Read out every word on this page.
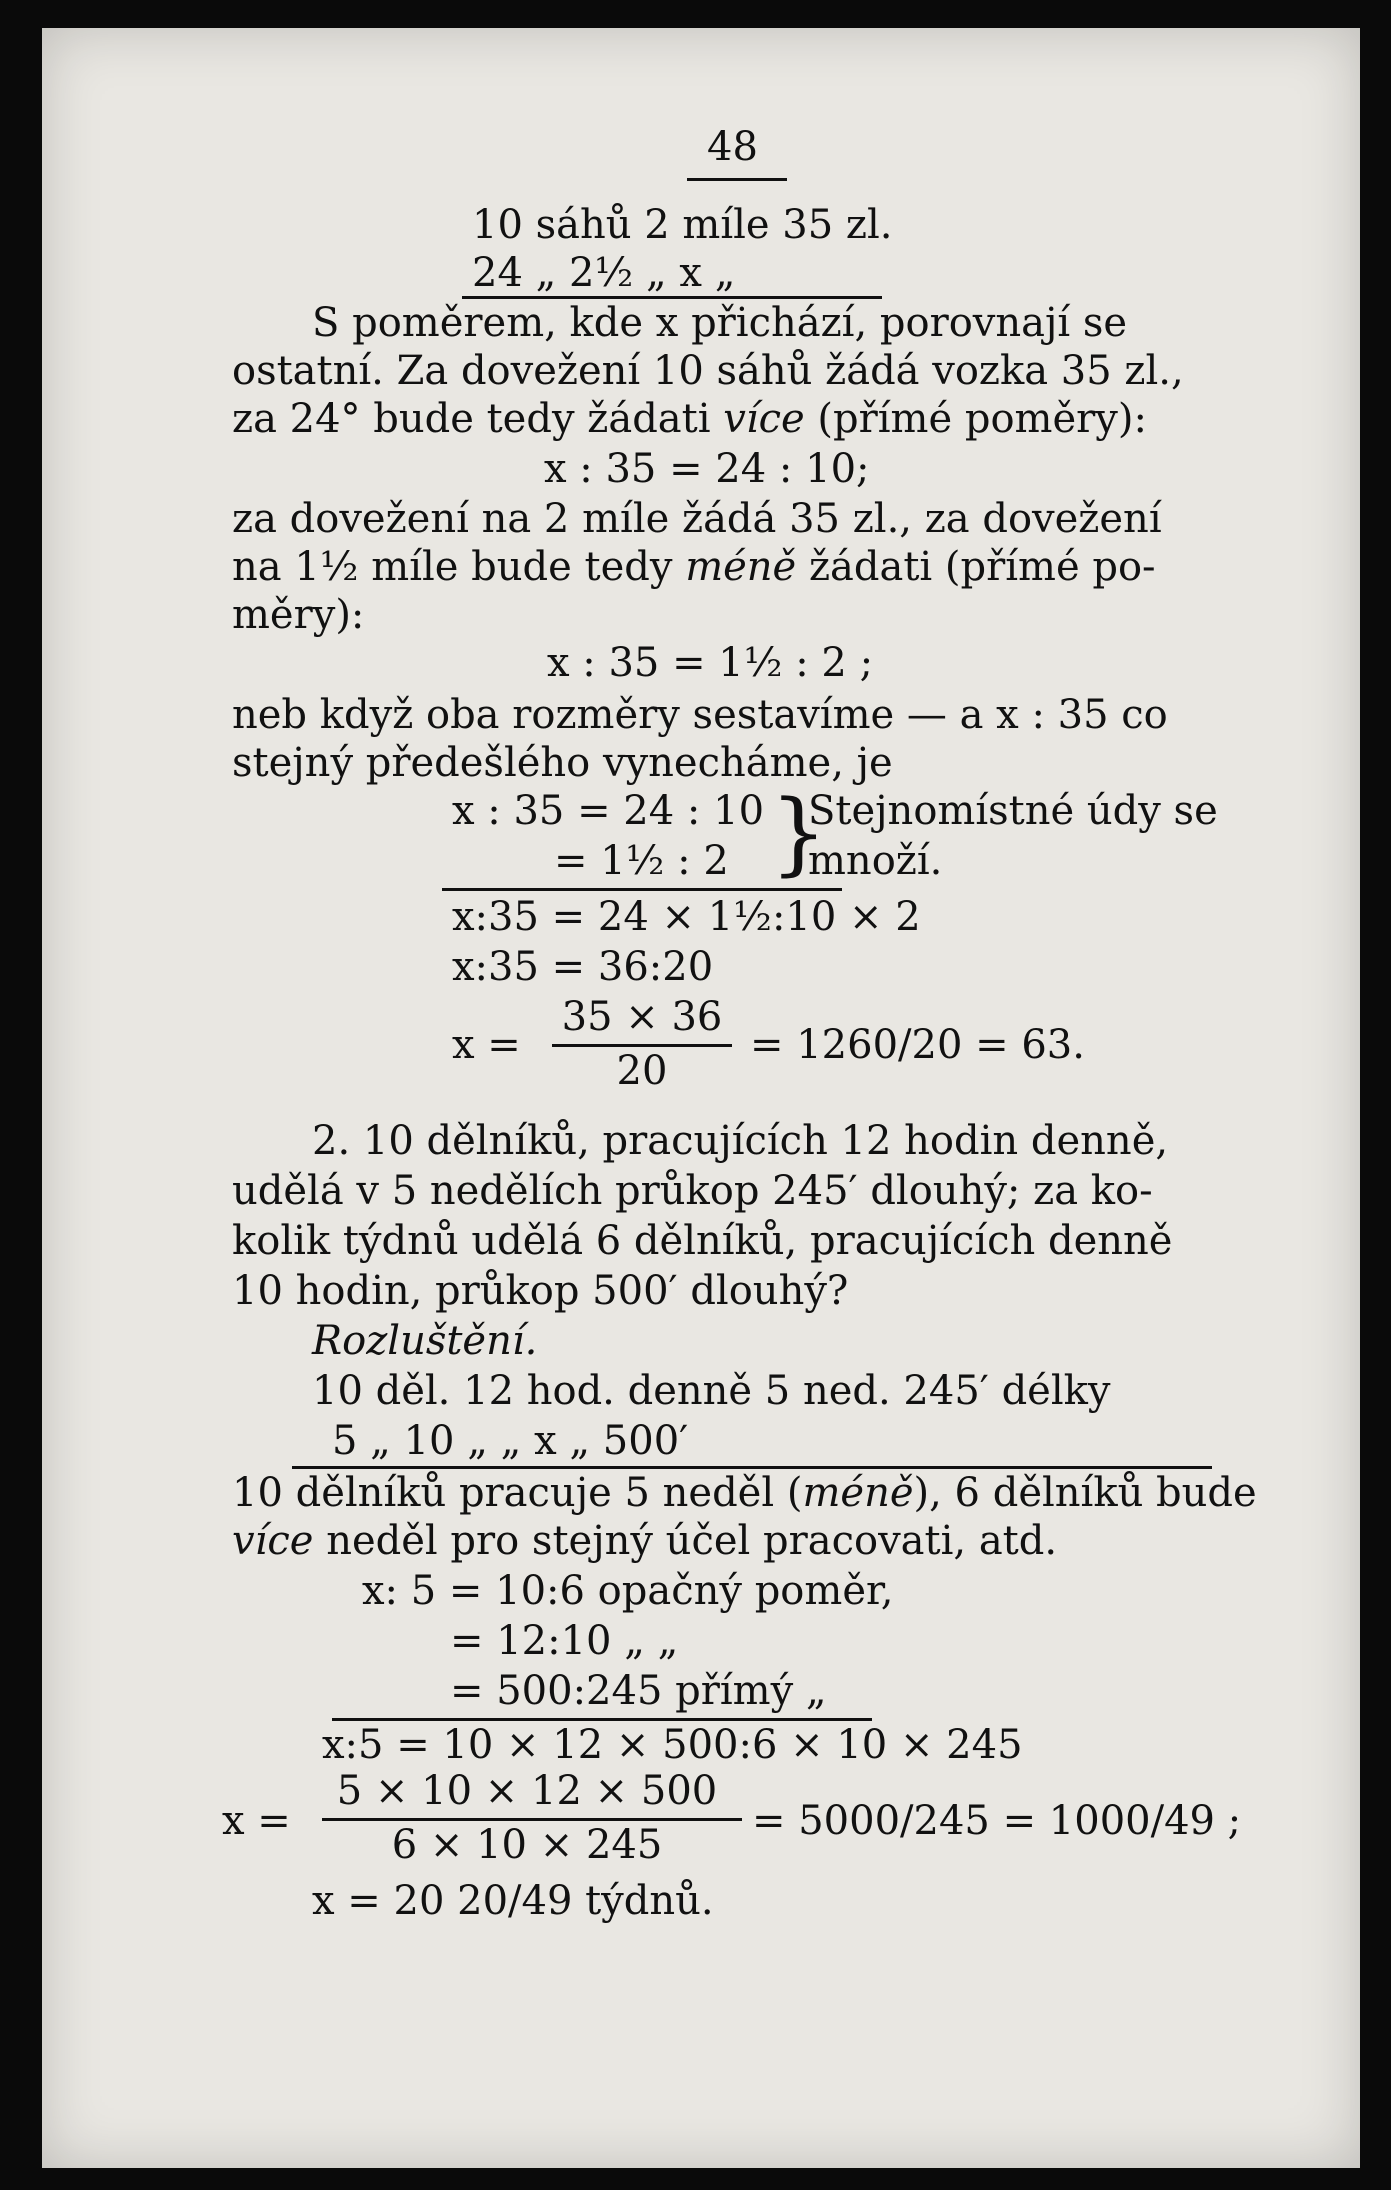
48
10 sáhů 2 míle 35 zl.
24 „ 2½ „ x „
S poměrem, kde x přichází, porovnají se
ostatní. Za dovežení 10 sáhů žádá vozka 35 zl.,
za 24° bude tedy žádati více (přímé poměry):
x : 35 = 24 : 10;
za dovežení na 2 míle žádá 35 zl., za dovežení
na 1½ míle bude tedy méně žádati (přímé po-
měry):
x : 35 = 1½ : 2 ;
neb když oba rozměry sestavíme — a x : 35 co
stejný předešlého vynecháme, je
x : 35 = 24 : 10
= 1½ : 2 }
Stejnomístné údy se
množí.
x:35 = 24 × 1½:10 × 2
x:35 = 36:20
x =
35 × 36
20
= 1260/20 = 63.
2. 10 dělníků, pracujících 12 hodin denně,
udělá v 5 nedělích průkop 245′ dlouhý; za ko-
kolik týdnů udělá 6 dělníků, pracujících denně
10 hodin, průkop 500′ dlouhý?
Rozluštění.
10 děl. 12 hod. denně 5 ned. 245′ délky
5 „ 10 „ „ x „ 500′
10 dělníků pracuje 5 neděl (méně), 6 dělníků bude
více neděl pro stejný účel pracovati, atd.
x: 5 = 10:6 opačný poměr,
= 12:10 „ „
= 500:245 přímý „
x:5 = 10 × 12 × 500:6 × 10 × 245
x =
5 × 10 × 12 × 500
6 × 10 × 245
= 5000/245 = 1000/49 ;
x = 20 20/49 týdnů.
